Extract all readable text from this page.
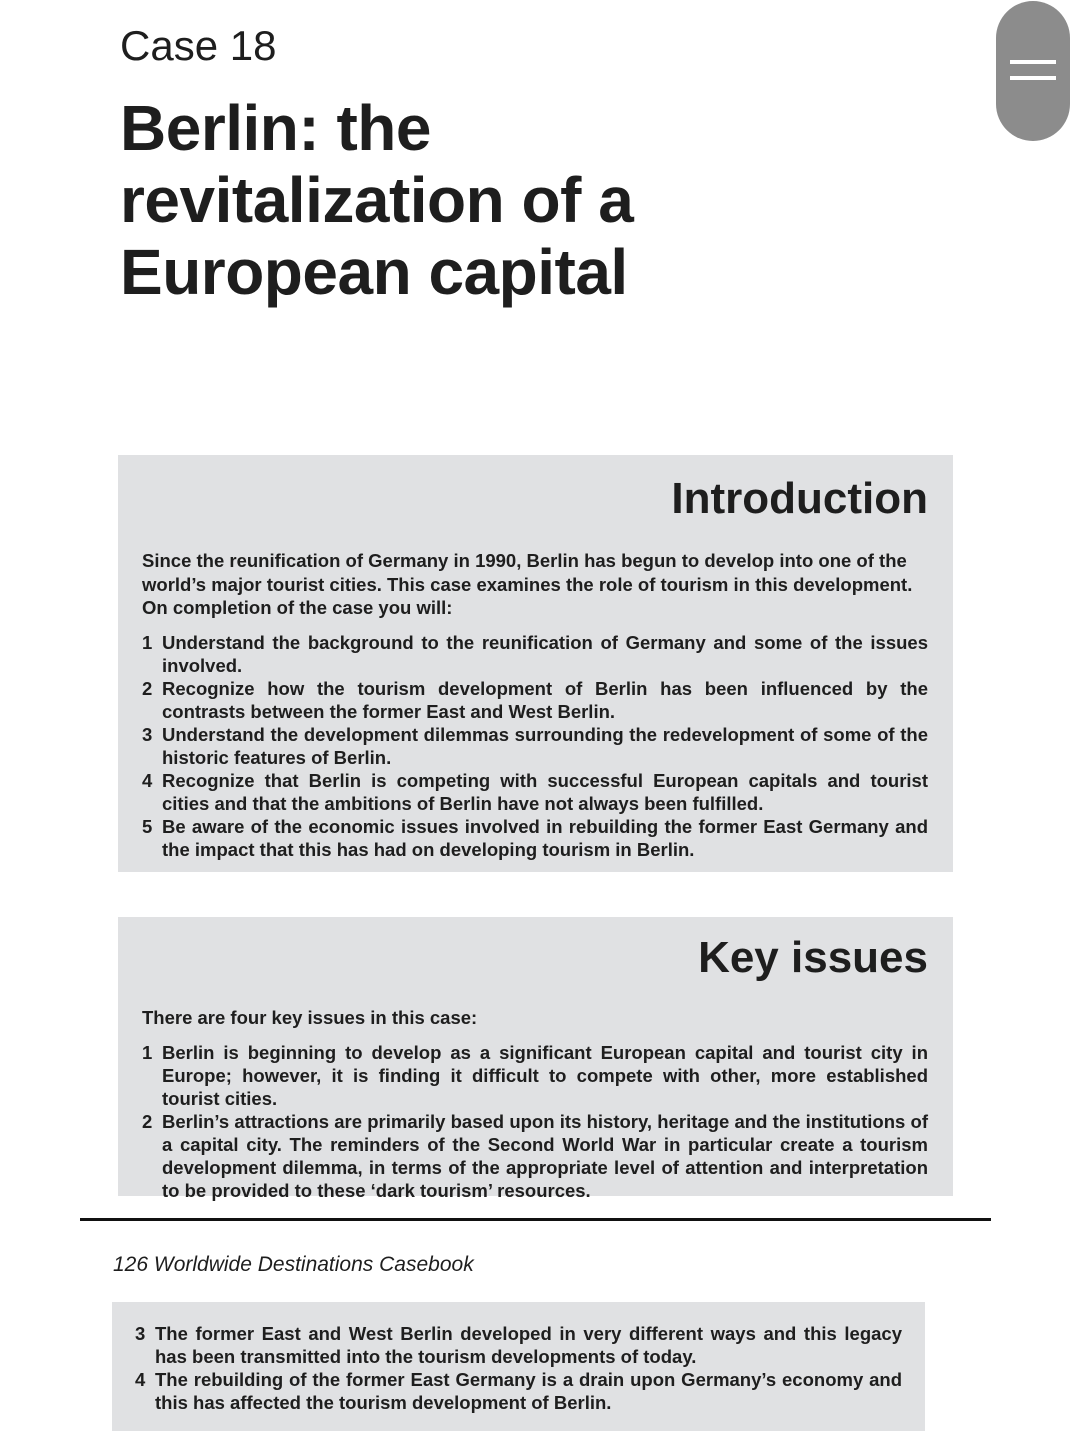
Case 18
Berlin: the
revitalization of a
European capital
Introduction

Since the reunification of Germany in 1990, Berlin has begun to develop into one of the world’s major tourist cities. This case examines the role of tourism in this development. On completion of the case you will:

1 Understand the background to the reunification of Germany and some of the issues involved.
2 Recognize how the tourism development of Berlin has been influenced by the contrasts between the former East and West Berlin.
3 Understand the development dilemmas surrounding the redevelopment of some of the historic features of Berlin.
4 Recognize that Berlin is competing with successful European capitals and tourist cities and that the ambitions of Berlin have not always been fulfilled.
5 Be aware of the economic issues involved in rebuilding the former East Germany and the impact that this has had on developing tourism in Berlin.
Key issues

There are four key issues in this case:

1 Berlin is beginning to develop as a significant European capital and tourist city in Europe; however, it is finding it difficult to compete with other, more established tourist cities.
2 Berlin’s attractions are primarily based upon its history, heritage and the institutions of a capital city. The reminders of the Second World War in particular create a tourism development dilemma, in terms of the appropriate level of attention and interpretation to be provided to these ‘dark tourism’ resources.

126 Worldwide Destinations Casebook

3 The former East and West Berlin developed in very different ways and this legacy has been transmitted into the tourism developments of today.
4 The rebuilding of the former East Germany is a drain upon Germany’s economy and this has affected the tourism development of Berlin.
